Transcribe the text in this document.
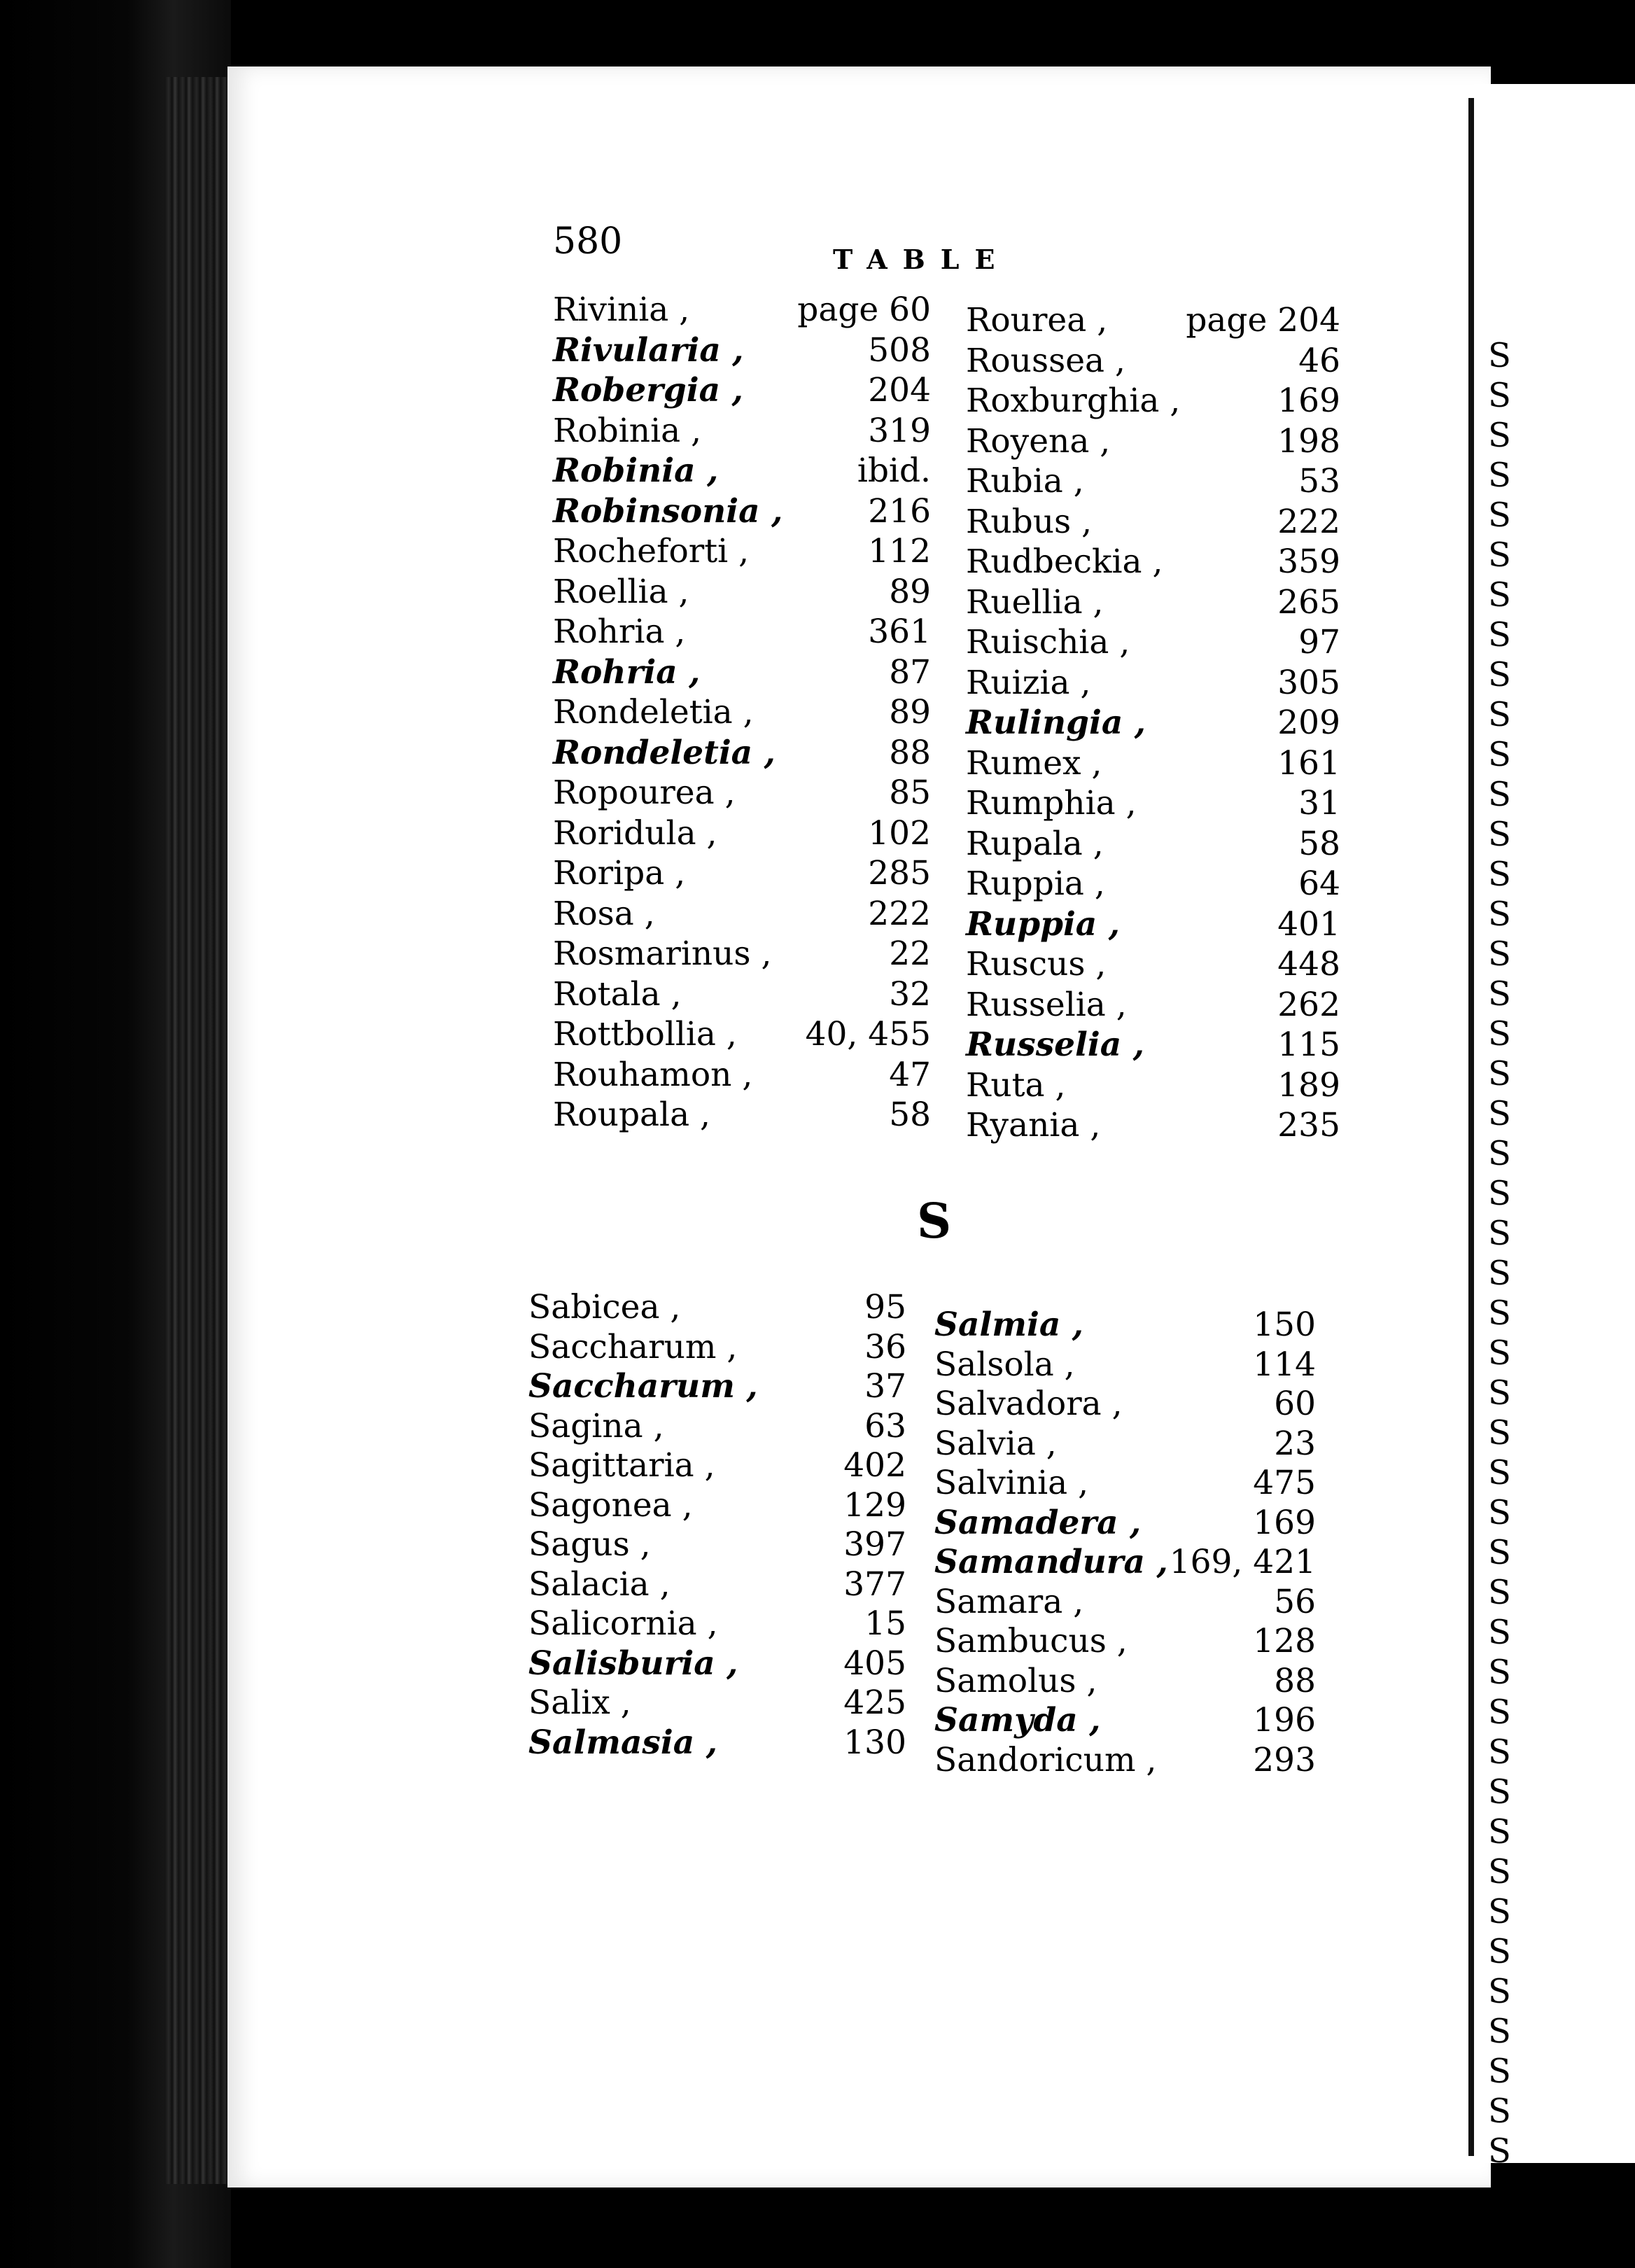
S
S
S
S
S
S
S
S
S
S
S
S
S
S
S
S
S
S
S
S
S
S
S
S
S
S
S
S
S
S
S
S
S
S
S
S
S
S
S
S
S
S
S
S
S
S
S
S
580	TABLE
Rivinia ,	page 60
Rivularia ,	508
Robergia ,	204
Robinia ,	319
Robinia ,	ibid.
Robinsonia ,	216
Rocheforti ,	112
Roellia ,	89
Rohria ,	361
Rohria ,	87
Rondeletia ,	89
Rondeletia ,	88
Ropourea ,	85
Roridula ,	102
Roripa ,	285
Rosa ,	222
Rosmarinus ,	22
Rotala ,	32
Rottbollia , 40, 455
Rouhamon ,	47
Roupala ,	58
Rourea , page 204
Roussea ,	46
Roxburghia ,	169
Royena ,	198
Rubia ,	53
Rubus ,	222
Rudbeckia ,	359
Ruellia ,	265
Ruischia ,	97
Ruizia ,	305
Rulingia ,	209
Rumex ,	161
Rumphia ,	31
Rupala ,	58
Ruppia ,	64
Ruppia ,	401
Ruscus ,	448
Russelia ,	262
Russelia ,	115
Ruta ,	189
Ryania ,	235
Sabicea ,	95
Saccharum ,	36
Saccharum ,	37
Sagina ,	63
Sagittaria ,	402
Sagonea ,	129
Sagus ,	397
Salacia ,	377
Salicornia ,	15
Salisburia ,	405
Salix ,	425
Salmasia ,	130
Salmia ,	150
Salsola ,	114
Salvadora ,	60
Salvia ,	23
Salvinia ,	475
Samadera ,	169
Samandura , 169, 421
Samara ,	56
Sambucus ,	128
Samolus ,	88
Samyda ,	196
Sandoricum ,	293
S
